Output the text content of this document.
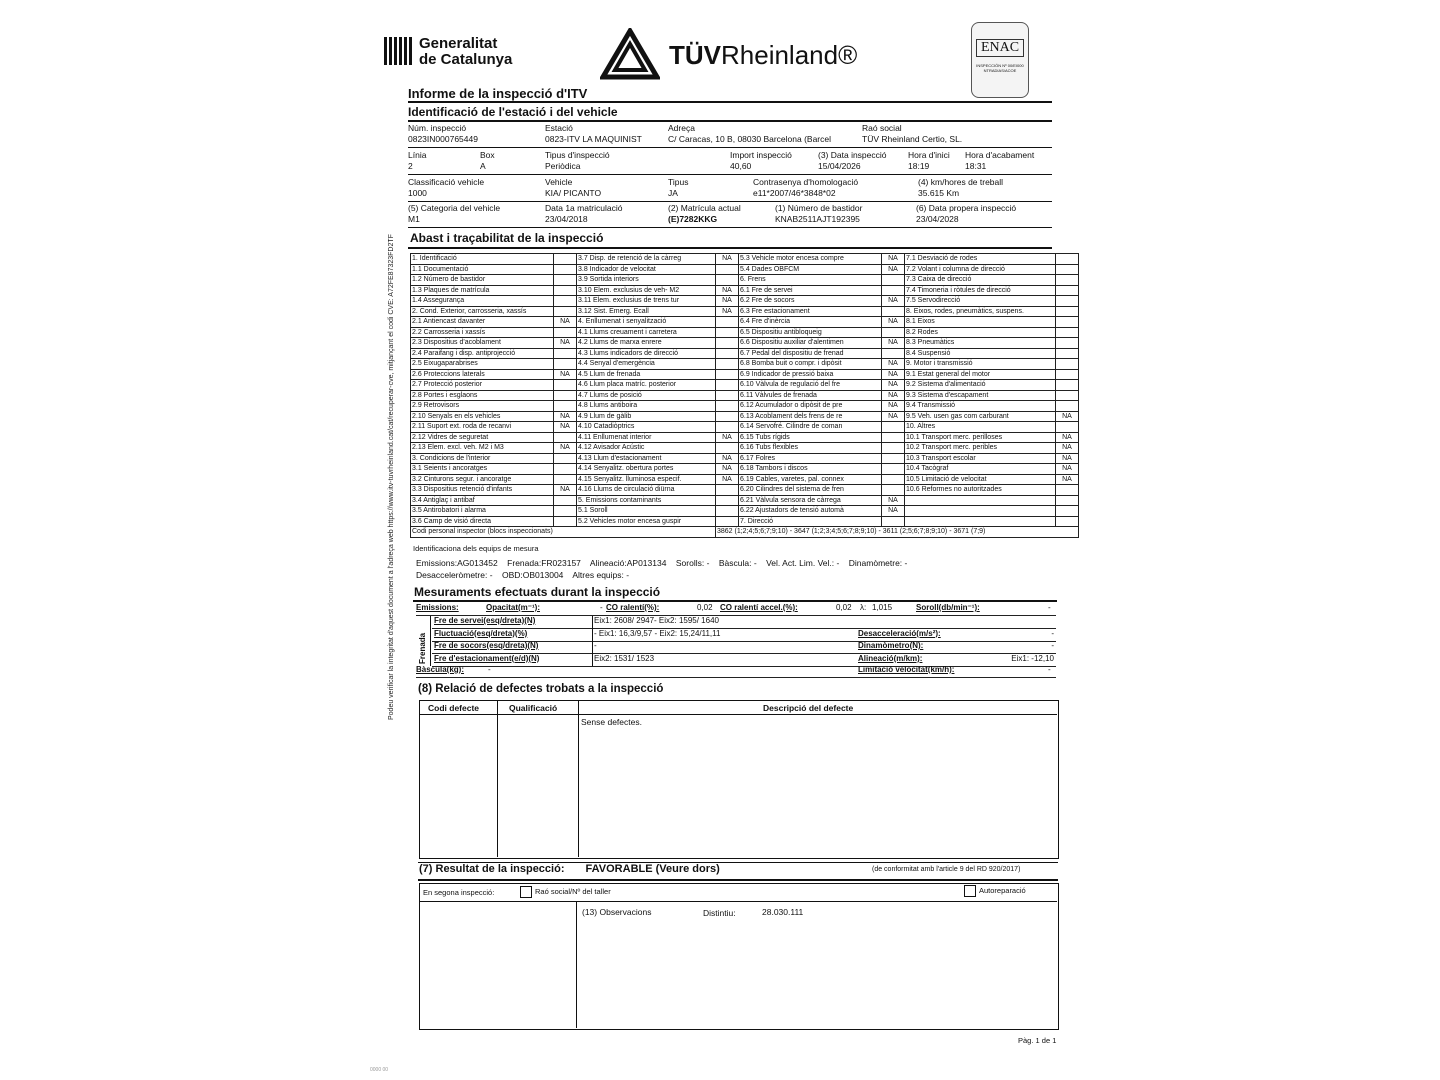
Podeu verificar la integritat d'aquest document a l'adreça web https://www.itv-tuvrheinland.cat/cat/recuperar-cve, mitjançant el codi CVE: A72FE87323FD2TF
Generalitat
de Catalunya	TÜVRheinland®	ENAC
INSPECCIÓN Nº 00/EI000 NTRADIAS/ACOE
Informe de la inspecció d'ITV
Identificació de l'estació i del vehicle
Núm. inspecció
0823IN000765449
Estació
0823-ITV LA MAQUINIST
Adreça
C/ Caracas, 10 B, 08030 Barcelona (Barcel
Raó social
TÜV Rheinland Certio, SL.
Línia
2
Box
A
Tipus d'inspecció
Periòdica
Import inspecció
40,60
(3) Data inspecció
15/04/2026
Hora d'inici
18:19
Hora d'acabament
18:31
Classificació vehicle
1000
Vehicle
KIA/ PICANTO
Tipus
JA
Contrasenya d'homologació
e11*2007/46*3848*02
(4) km/hores de treball
35.615 Km
(5) Categoria del vehicle
M1
Data 1a matriculació
23/04/2018
(2) Matrícula actual
(E)7282KKG
(1) Número de bastidor
KNAB2511AJT192395
(6) Data propera inspecció
23/04/2028
Abast i traçabilitat de la inspecció
1. Identificació		3.7 Disp. de retenció de la càrreg	NA	5.3 Vehicle motor encesa compre	NA	7.1 Desviació de rodes	
1.1 Documentació		3.8 Indicador de velocitat		5.4 Dades OBFCM	NA	7.2 Volant i columna de direcció	
1.2 Número de bastidor		3.9 Sortida interiors		6. Frens		7.3 Caixa de direcció	
1.3 Plaques de matrícula		3.10 Elem. exclusius de veh- M2	NA	6.1 Fre de servei		7.4 Timoneria i ròtules de direcció	
1.4 Assegurança		3.11 Elem. exclusius de trens tur	NA	6.2 Fre de socors	NA	7.5 Servodirecció	
2. Cond. Exterior, carrosseria, xassís		3.12 Sist. Emerg. Ecall	NA	6.3 Fre estacionament		8. Eixos, rodes, pneumàtics, suspens.	
2.1 Antiencast davanter	NA	4. Enllumenat i senyalització		6.4 Fre d'inèrcia	NA	8.1 Eixos	
2.2 Carrosseria i xassís		4.1 Llums creuament i carretera		6.5 Dispositiu antibloqueig		8.2 Rodes	
2.3 Dispositius d'acoblament	NA	4.2 Llums de marxa enrere		6.6 Dispositiu auxiliar d'alentimen	NA	8.3 Pneumàtics	
2.4 Paraifang i disp. antiprojecció		4.3 Llums indicadors de direcció		6.7 Pedal del dispositiu de frenad		8.4 Suspensió	
2.5 Eixugaparabrises		4.4 Senyal d'emergència		6.8 Bomba buit o compr. i dipòsit	NA	9. Motor i transmissió	
2.6 Proteccions laterals	NA	4.5 Llum de frenada		6.9 Indicador de pressió baixa	NA	9.1 Estat general del motor	
2.7 Protecció posterior		4.6 Llum placa matríc. posterior		6.10 Vàlvula de regulació del fre	NA	9.2 Sistema d'alimentació	
2.8 Portes i esglaons		4.7 Llums de posició		6.11 Vàlvules de frenada	NA	9.3 Sistema d'escapament	
2.9 Retrovisors		4.8 Llums antiboira		6.12 Acumulador o dipòsit de pre	NA	9.4 Transmissió	
2.10 Senyals en els vehicles	NA	4.9 Llum de gàlib		6.13 Acoblament dels frens de re	NA	9.5 Veh. usen gas com carburant	NA
2.11 Suport ext. roda de recanvi	NA	4.10 Catadiòptrics		6.14 Servofré. Cilindre de coman		10. Altres	
2.12 Vidres de seguretat		4.11 Enllumenat interior	NA	6.15 Tubs rígids		10.1 Transport merc. perilloses	NA
2.13 Elem. excl. veh. M2 i M3	NA	4.12 Avisador Acústic		6.16 Tubs flexibles		10.2 Transport merc. peribles	NA
3. Condicions de l'interior		4.13 Llum d'estacionament	NA	6.17 Folres		10.3 Transport escolar	NA
3.1 Seients i ancoratges		4.14 Senyalitz. obertura portes	NA	6.18 Tambors i discos		10.4 Tacògraf	NA
3.2 Cinturons segur. i ancoratge		4.15 Senyalitz. lluminosa especif.	NA	6.19 Cables, varetes, pal. connex		10.5 Limitació de velocitat	NA
3.3 Dispositius retenció d'infants	NA	4.16 Llums de circulació diürna		6.20 Cilindres del sistema de fren		10.6 Reformes no autoritzades	
3.4 Antiglaç i antibaf		5. Emissions contaminants		6.21 Vàlvula sensora de càrrega	NA		
3.5 Antirobatori i alarma		5.1 Soroll		6.22 Ajustadors de tensió automà	NA		
3.6 Camp de visió directa		5.2 Vehicles motor encesa guspir		7. Direcció			
Codi personal inspector (blocs inspeccionats)			3862 (1;2;4;5;6;7;9;10) - 3647 (1;2;3;4;5;6;7;8;9;10) - 3611 (2;5;6;7;8;9;10) - 3671 (7;9)				
Identificaciona dels equips de mesura
Emissions:AG013452    Frenada:FR023157    Alineació:AP013134    Sorolls: -    Bàscula: -    Vel. Act. Lim. Vel.: -    Dinamòmetre: -
Desacceleròmetre: -    OBD:OB013004    Altres equips: -
Mesuraments efectuats durant la inspecció
Emissions:	Opacitat(m⁻¹):	- CO ralentí(%):	0,02 CO ralentí accel.(%):	0,02 λ: 1,015	Soroll(db/min⁻¹):	-
Frenada
Fre de servei(esq/dreta)(N)	Eix1: 2608/ 2947- Eix2: 1595/ 1640
Fluctuació(esq/dreta)(%)	- Eix1: 16,3/9,57 - Eix2: 15,24/11,11	Desacceleració(m/s²):	-
Fre de socors(esq/dreta)(N)	-	Dinamòmetro(N):	-
Fre d'estacionament(e/d)(N)	Eix2: 1531/ 1523	Alineació(m/km):	Eix1: -12,10
Bàscula(kg):	-	Limitació velocitat(km/h):	-
(8) Relació de defectes trobats a la inspecció
Codi defecte	Qualificació	Descripció del defecte
Sense defectes.
(7) Resultat de la inspecció: FAVORABLE (Veure dors)	(de conformitat amb l'article 9 del RD 920/2017)
En segona inspecció:	Raó social/Nº del taller	Autoreparació
(13) Observacions	Distintiu:	28.030.111
Pàg. 1 de 1
0000 00
